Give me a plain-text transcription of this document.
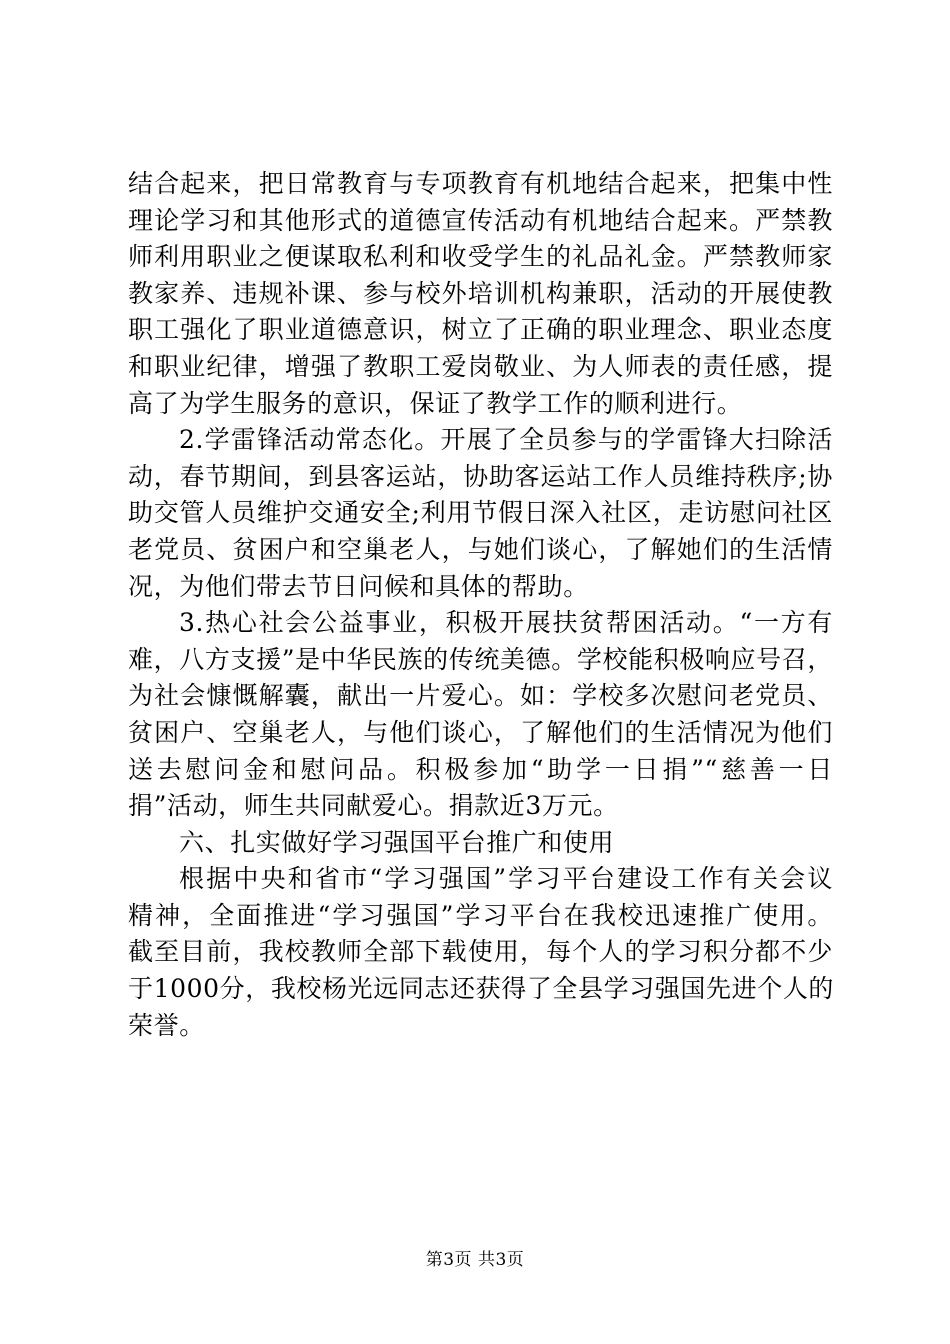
结合起来，把日常教育与专项教育有机地结合起来，把集中性
理论学习和其他形式的道德宣传活动有机地结合起来。严禁教
师利用职业之便谋取私利和收受学生的礼品礼金。严禁教师家
教家养、违规补课、参与校外培训机构兼职，活动的开展使教
职工强化了职业道德意识，树立了正确的职业理念、职业态度
和职业纪律，增强了教职工爱岗敬业、为人师表的责任感，提
高了为学生服务的意识，保证了教学工作的顺利进行。
2.学雷锋活动常态化。开展了全员参与的学雷锋大扫除活
动，春节期间，到县客运站，协助客运站工作人员维持秩序;协
助交管人员维护交通安全;利用节假日深入社区，走访慰问社区
老党员、贫困户和空巢老人，与她们谈心，了解她们的生活情
况，为他们带去节日问候和具体的帮助。
3.热心社会公益事业，积极开展扶贫帮困活动。“一方有
难，八方支援”是中华民族的传统美德。学校能积极响应号召，
为社会慷慨解囊，献出一片爱心。如：学校多次慰问老党员、
贫困户、空巢老人，与他们谈心，了解他们的生活情况为他们
送去慰问金和慰问品。积极参加“助学一日捐”“慈善一日
捐”活动，师生共同献爱心。捐款近3万元。
六、扎实做好学习强国平台推广和使用
根据中央和省市“学习强国”学习平台建设工作有关会议
精神，全面推进“学习强国”学习平台在我校迅速推广使用。
截至目前，我校教师全部下载使用，每个人的学习积分都不少
于1000分，我校杨光远同志还获得了全县学习强国先进个人的
荣誉。
第3页 共3页
